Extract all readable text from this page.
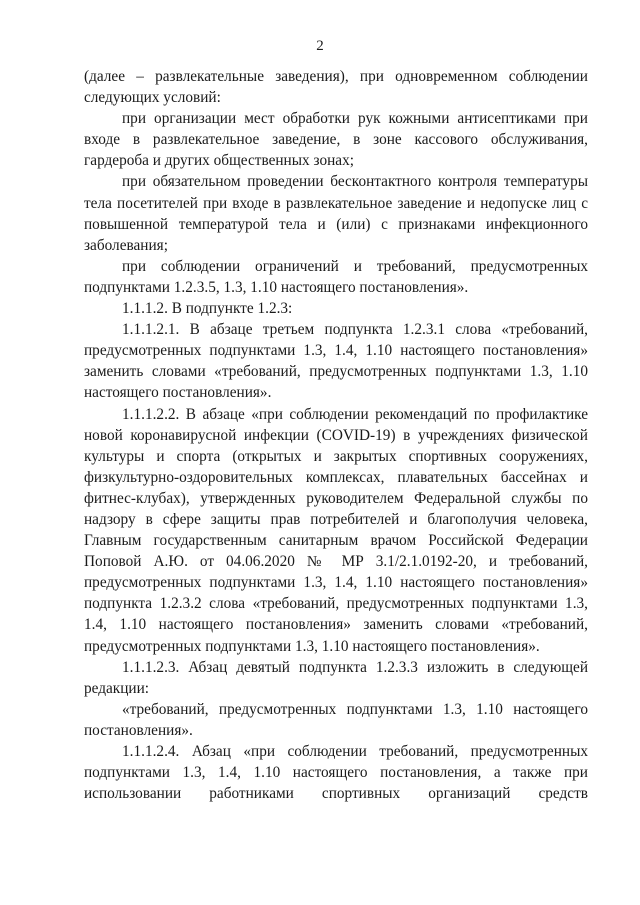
2

(далее – развлекательные заведения), при одновременном соблюдении следующих условий:

при организации мест обработки рук кожными антисептиками при входе в развлекательное заведение, в зоне кассового обслуживания, гардероба и других общественных зонах;

при обязательном проведении бесконтактного контроля температуры тела посетителей при входе в развлекательное заведение и недопуске лиц с повышенной температурой тела и (или) с признаками инфекционного заболевания;

при соблюдении ограничений и требований, предусмотренных подпунктами 1.2.3.5, 1.3, 1.10 настоящего постановления».

1.1.1.2. В подпункте 1.2.3:

1.1.1.2.1. В абзаце третьем подпункта 1.2.3.1 слова «требований, предусмотренных подпунктами 1.3, 1.4, 1.10 настоящего постановления» заменить словами «требований, предусмотренных подпунктами 1.3, 1.10 настоящего постановления».

1.1.1.2.2. В абзаце «при соблюдении рекомендаций по профилактике новой коронавирусной инфекции (COVID-19) в учреждениях физической культуры и спорта (открытых и закрытых спортивных сооружениях, физкультурно-оздоровительных комплексах, плавательных бассейнах и фитнес-клубах), утвержденных руководителем Федеральной службы по надзору в сфере защиты прав потребителей и благополучия человека, Главным государственным санитарным врачом Российской Федерации Поповой А.Ю. от 04.06.2020 № МР 3.1/2.1.0192-20, и требований, предусмотренных подпунктами 1.3, 1.4, 1.10 настоящего постановления» подпункта 1.2.3.2 слова «требований, предусмотренных подпунктами 1.3, 1.4, 1.10 настоящего постановления» заменить словами «требований, предусмотренных подпунктами 1.3, 1.10 настоящего постановления».

1.1.1.2.3. Абзац девятый подпункта 1.2.3.3 изложить в следующей редакции:

«требований, предусмотренных подпунктами 1.3, 1.10 настоящего постановления».

1.1.1.2.4. Абзац «при соблюдении требований, предусмотренных подпунктами 1.3, 1.4, 1.10 настоящего постановления, а также при использовании работниками спортивных организаций средств
